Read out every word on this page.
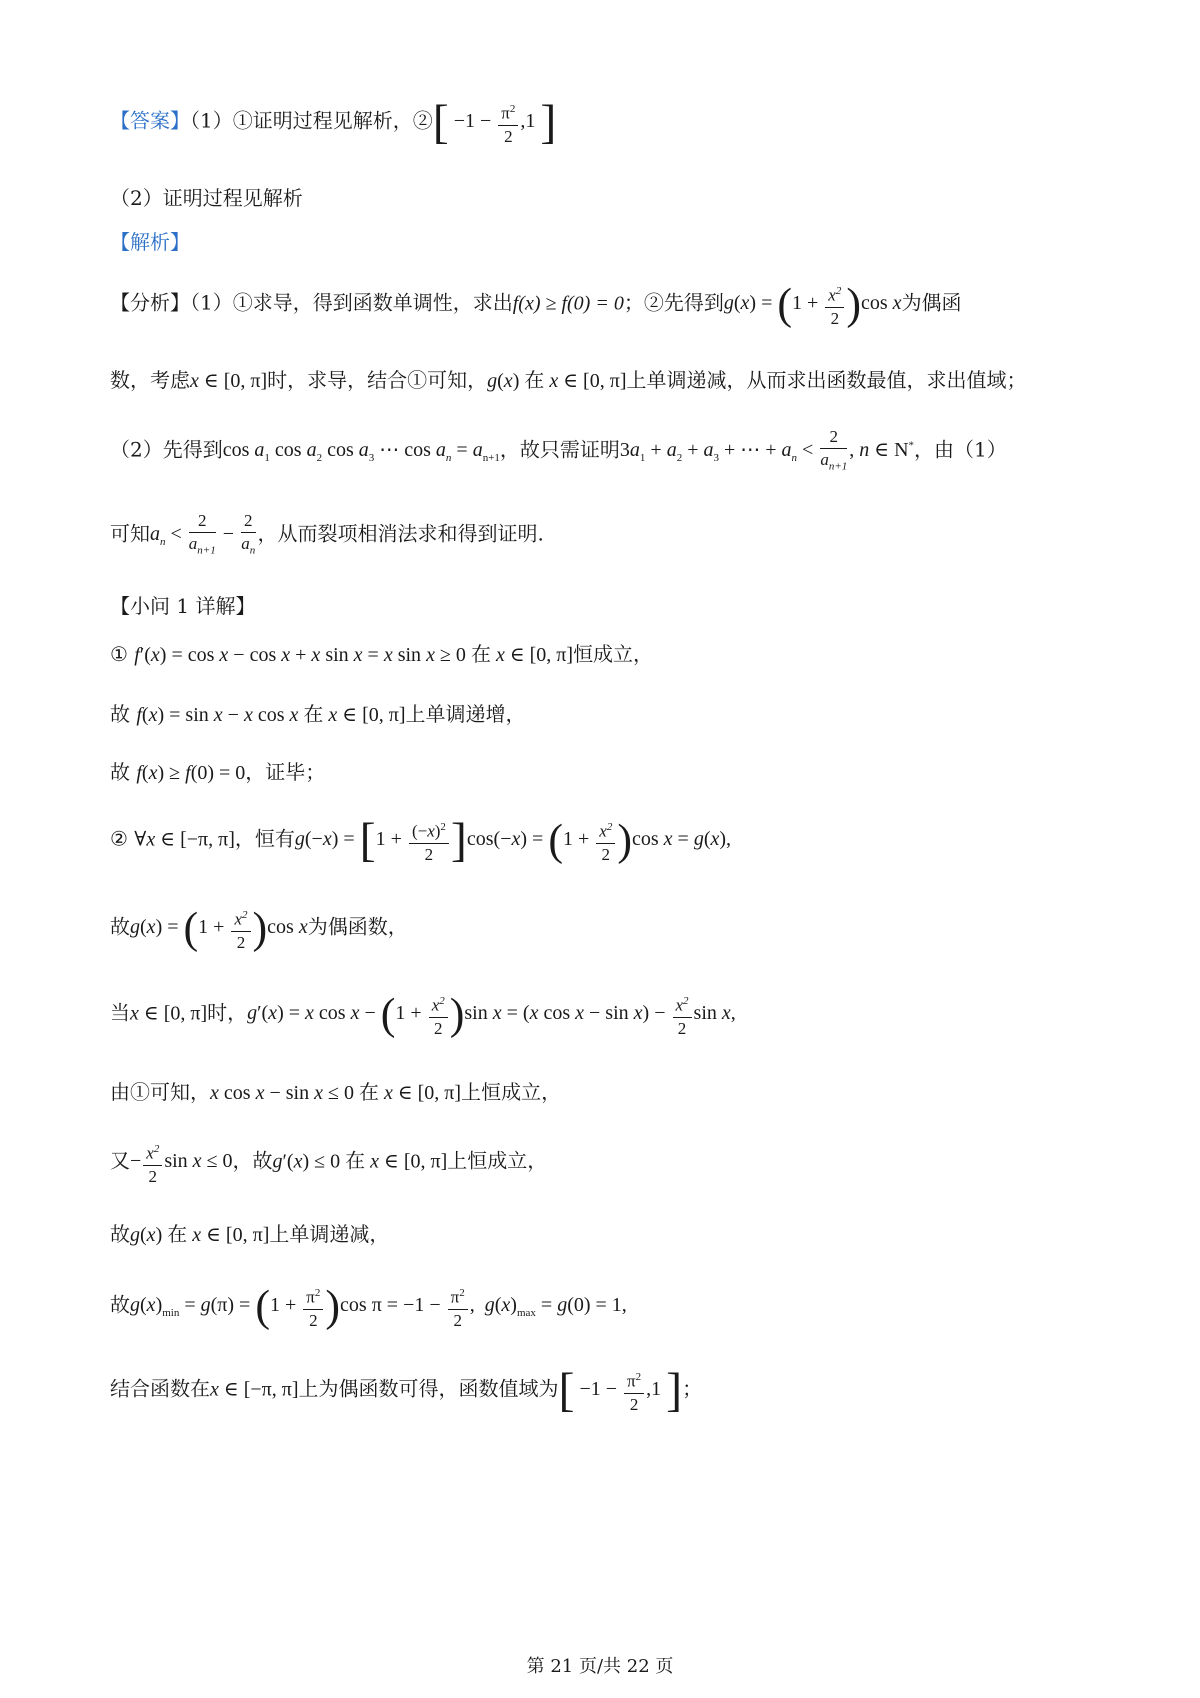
【答案】（1）①证明过程见解析，②[ $-1 - \frac{\pi^2}{2} ,1$ ]
（2）证明过程见解析
【解析】
【分析】（1）①求导，得到函数单调性，求出f(x) ≥ f(0) = 0；②先得到$g(x) = (1 + \frac{x^2}{2} )\cos$ x为偶函
数，考虑x ∈ [0, π]时，求导，结合①可知，g(x) 在 x ∈ [0, π]上单调递减，从而求出函数最值，求出值域；
（2）先得到$\cos a_1$ $\cos a_2$ $\cos a_3$ ⋯ $\cos a_n = a_{n+1}$，故只需证明$3a_1 + a_2 + a_3$ + ⋯ + $a_n < \frac{2}{a_{n+1}}$ , n ∈ N*，由（1）
可知$a_n < \frac{2}{a_{n+1}} - \frac{2}{a_n}$ ，从而裂项相消法求和得到证明.
【小问 1 详解】
① f′(x) = cos x − cos x + x sin x = x sin x ≥ 0 在 x ∈ [0, π]恒成立，
故 f(x) = sin x − x cos x 在 x ∈ [0, π]上单调递增，
故 f(x) ≥ f(0) = 0，证毕；
② ∀x ∈ [−π, π]，恒有$g(-x) = [1 + \frac{(-x)^2}{2} ]\cos(-x) = (1 + \frac{x^2}{2} )\cos$ x = g(x),
故$g(x) = (1 + \frac{x^2}{2} )\cos$ x为偶函数，
当x ∈ [0, π]时，g′(x) = x $\cos x - (1 + \frac{x^2}{2} )\sin$ x = (x $\cos x - \sin x) - \frac{x^2}{2}$ sin x,
由①可知，x cos x − sin x ≤ 0 在 x ∈ [0, π]上恒成立，
又− $\frac{x^2}{2}$ sin x ≤ 0，故g′(x) ≤ 0 在 x ∈ [0, π]上恒成立，
故g(x) 在 x ∈ [0, π]上单调递减，
故$g(x)_{min} = g(\pi) = (1 + \frac{\pi^2}{2} )\cos$ $\pi = -1 - \frac{\pi^2}{2}$ ,  $g(x)_{max} = g(0) = 1$,
结合函数在x ∈ [−π, π]上为偶函数可得，函数值域为[ $-1 - \frac{\pi^2}{2} ,1$ ]；
第 21 页/共 22 页
